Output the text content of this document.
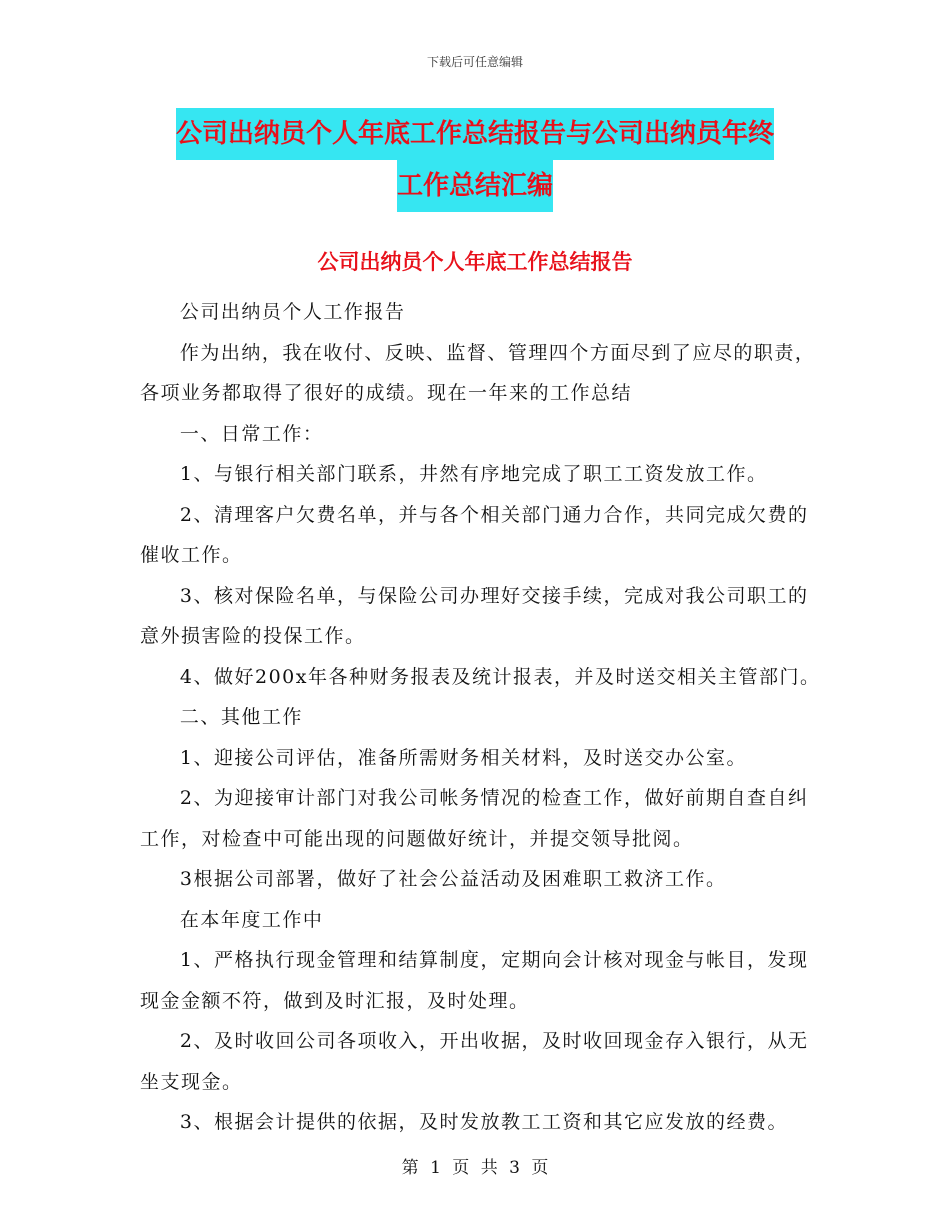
下载后可任意编辑
公司出纳员个人年底工作总结报告与公司出纳员年终
工作总结汇编
公司出纳员个人年底工作总结报告

公司出纳员个人工作报告

作为出纳，我在收付、反映、监督、管理四个方面尽到了应尽的职责，各项业务都取得了很好的成绩。现在一年来的工作总结

一、日常工作：

1、与银行相关部门联系，井然有序地完成了职工工资发放工作。

2、清理客户欠费名单，并与各个相关部门通力合作，共同完成欠费的催收工作。

3、核对保险名单，与保险公司办理好交接手续，完成对我公司职工的意外损害险的投保工作。

4、做好200x年各种财务报表及统计报表，并及时送交相关主管部门。

二、其他工作

1、迎接公司评估，准备所需财务相关材料，及时送交办公室。

2、为迎接审计部门对我公司帐务情况的检查工作，做好前期自查自纠工作，对检查中可能出现的问题做好统计，并提交领导批阅。

3根据公司部署，做好了社会公益活动及困难职工救济工作。

在本年度工作中

1、严格执行现金管理和结算制度，定期向会计核对现金与帐目，发现现金金额不符，做到及时汇报，及时处理。

2、及时收回公司各项收入，开出收据，及时收回现金存入银行，从无坐支现金。

3、根据会计提供的依据，及时发放教工工资和其它应发放的经费。

第 1 页 共 3 页
